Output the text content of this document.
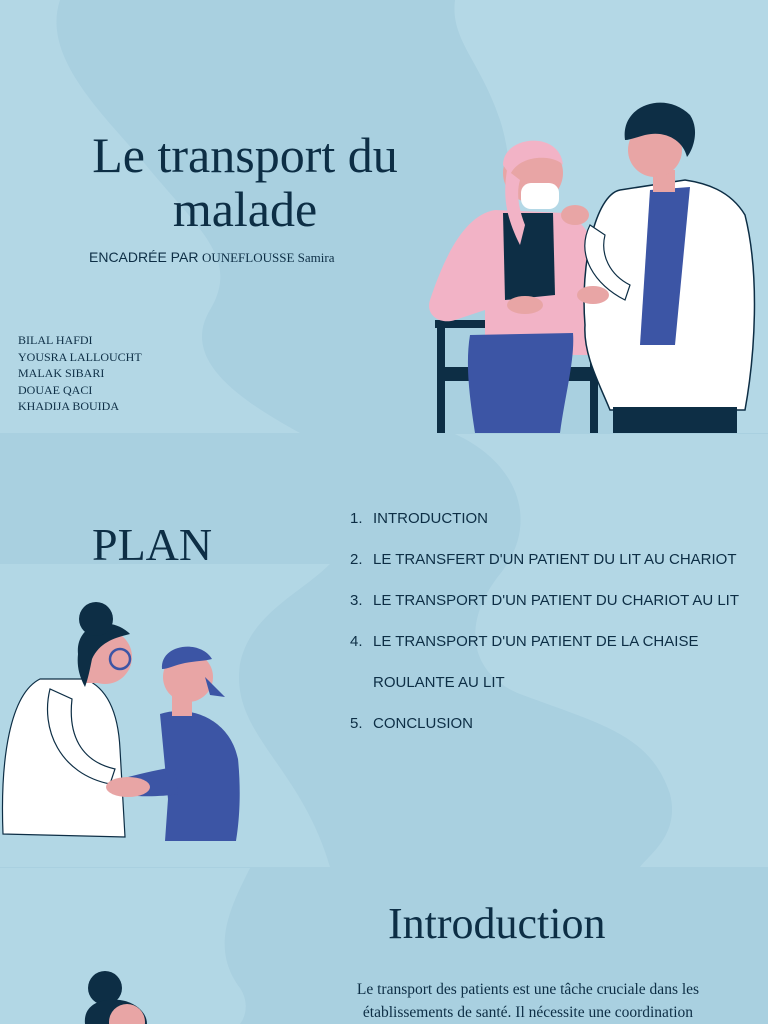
Le transport du malade
ENCADRÉE PAR OUNEFLOUSSE Samira
BILAL HAFDI
YOUSRA LALLOUCHT
MALAK SIBARI
DOUAE QACI
KHADIJA BOUIDA
PLAN
1. INTRODUCTION
2. LE TRANSFERT D'UN PATIENT DU LIT AU CHARIOT
3. LE TRANSPORT D'UN PATIENT DU CHARIOT AU LIT
4. LE TRANSPORT D'UN PATIENT DE LA CHAISE ROULANTE AU LIT
5. CONCLUSION
Introduction
Le transport des patients est une tâche cruciale dans les établissements de santé. Il nécessite une coordination
